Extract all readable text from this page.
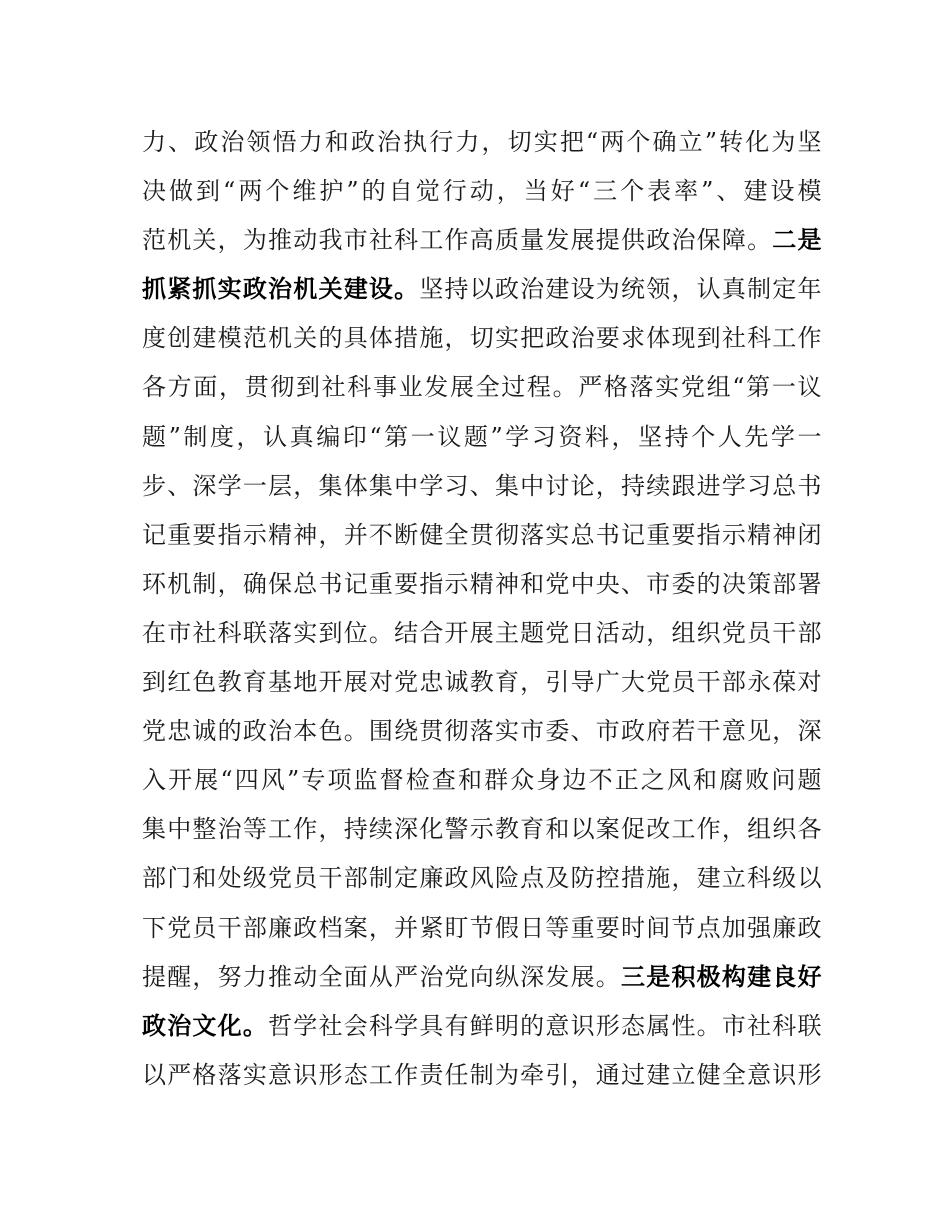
力、政治领悟力和政治执行力，切实把“两个确立”转化为坚
决做到“两个维护”的自觉行动，当好“三个表率”、建设模
范机关，为推动我市社科工作高质量发展提供政治保障。二是
抓紧抓实政治机关建设。坚持以政治建设为统领，认真制定年
度创建模范机关的具体措施，切实把政治要求体现到社科工作
各方面，贯彻到社科事业发展全过程。严格落实党组“第一议
题”制度，认真编印“第一议题”学习资料，坚持个人先学一
步、深学一层，集体集中学习、集中讨论，持续跟进学习总书
记重要指示精神，并不断健全贯彻落实总书记重要指示精神闭
环机制，确保总书记重要指示精神和党中央、市委的决策部署
在市社科联落实到位。结合开展主题党日活动，组织党员干部
到红色教育基地开展对党忠诚教育，引导广大党员干部永葆对
党忠诚的政治本色。围绕贯彻落实市委、市政府若干意见，深
入开展“四风”专项监督检查和群众身边不正之风和腐败问题
集中整治等工作，持续深化警示教育和以案促改工作，组织各
部门和处级党员干部制定廉政风险点及防控措施，建立科级以
下党员干部廉政档案，并紧盯节假日等重要时间节点加强廉政
提醒，努力推动全面从严治党向纵深发展。三是积极构建良好
政治文化。哲学社会科学具有鲜明的意识形态属性。市社科联
以严格落实意识形态工作责任制为牵引，通过建立健全意识形
